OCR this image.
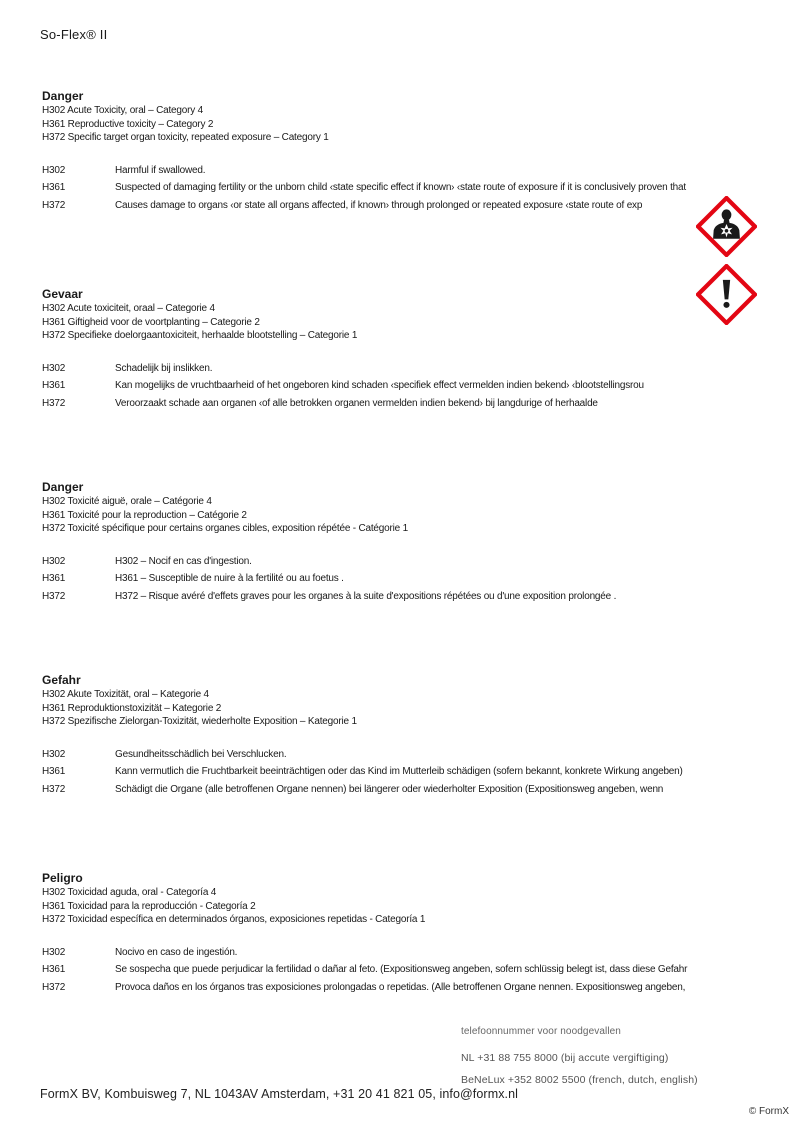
So-Flex® II
Danger
H302 Acute Toxicity, oral – Category 4
H361 Reproductive toxicity – Category 2
H372 Specific target organ toxicity, repeated exposure – Category 1
H302	Harmful if swallowed.
H361	Suspected of damaging fertility or the unborn child ‹state specific effect if known› ‹state route of exposure if it is conclusively proven that
H372	Causes damage to organs ‹or state all organs affected, if known› through prolonged or repeated exposure ‹state route of exp
Gevaar
H302 Acute toxiciteit, oraal – Categorie 4
H361 Giftigheid voor de voortplanting – Categorie 2
H372 Specifieke doelorgaantoxiciteit, herhaalde blootstelling – Categorie 1
H302	Schadelijk bij inslikken.
H361	Kan mogelijks de vruchtbaarheid of het ongeboren kind schaden ‹specifiek effect vermelden indien bekend› ‹blootstellingsrou
H372	Veroorzaakt schade aan organen ‹of alle betrokken organen vermelden indien bekend› bij langdurige of herhaalde
Danger
H302 Toxicité aiguë, orale – Catégorie 4
H361 Toxicité pour la reproduction – Catégorie 2
H372 Toxicité spécifique pour certains organes cibles, exposition répétée - Catégorie 1
H302	H302 – Nocif en cas d'ingestion.
H361	H361 – Susceptible de nuire à la fertilité ou au foetus .
H372	H372 – Risque avéré d'effets graves pour les organes à la suite d'expositions répétées ou d'une exposition prolongée .
Gefahr
H302 Akute Toxizität, oral – Kategorie 4
H361 Reproduktionstoxizität – Kategorie 2
H372 Spezifische Zielorgan-Toxizität, wiederholte Exposition – Kategorie 1
H302	Gesundheitsschädlich bei Verschlucken.
H361	Kann vermutlich die Fruchtbarkeit beeinträchtigen oder das Kind im Mutterleib schädigen (sofern bekannt, konkrete Wirkung angeben)
H372	Schädigt die Organe (alle betroffenen Organe nennen) bei längerer oder wiederholter Exposition (Expositionsweg angeben, wenn
Peligro
H302 Toxicidad aguda, oral - Categoría 4
H361 Toxicidad para la reproducción - Categoría 2
H372 Toxicidad específica en determinados órganos, exposiciones repetidas - Categoría 1
H302	Nocivo en caso de ingestión.
H361	Se sospecha que puede perjudicar la fertilidad o dañar al feto. (Expositionsweg angeben, sofern schlüssig belegt ist, dass diese Gefahr
H372	Provoca daños en los órganos tras exposiciones prolongadas o repetidas. (Alle betroffenen Organe nennen. Expositionsweg angeben,
telefoonnummer voor noodgevallen
NL +31 88 755 8000 (bij accute vergiftiging)
BeNeLux +352 8002 5500 (french, dutch, english)
FormX BV, Kombuisweg 7, NL 1043AV Amsterdam, +31 20 41 821 05, info@formx.nl
© FormX
